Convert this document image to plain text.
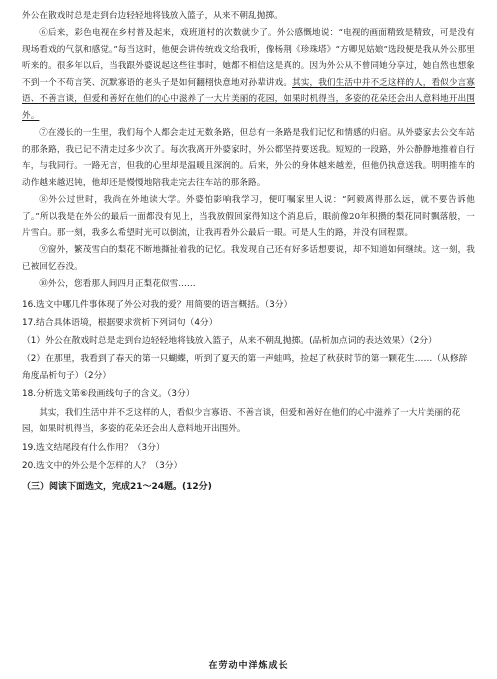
外公在散戏时总是走到台边轻轻地将钱放入篮子，从来不朝乱抛掷。

⑥后来，彩色电视在乡村普及起来，戏班道村的次数就少了。外公感慨地说：“电视的画面精致是精致，可是没有现场看戏的气氛和感觉。”每当这时，他便会讲传统戏文给我听，像杨荆《珍珠塔》“方卿见姑娘”选段便是我从外公那里听来的。很多年以后，当我跟外婆说起这些往事时，她都不相信这是真的。因为外公从不曾同她分享过，她自然也想象不到一个不苟言笑、沉默寡语的老头子是如何翻栩快意地对孙辈讲戏。其实，我们生活中并不乏这样的人，看似少言寡语、不善言谈，但爱和善好在他们的心中滋养了一大片美丽的花园，如果时机得当，多姿的花朵还会出人意料地开出围外。

⑦在漫长的一生里，我们每个人都会走过无数条路，但总有一条路是我们记忆和情感的归宿。从外婆家去公交车站的那条路，我已记不清走过多少次了。每次我离开外婆家时，外公都坚持要送我。短短的一段路，外公静静地推着自行车，与我同行。一路无言，但我的心里却是温暖且深润的。后来，外公的身体越来越差，但他仍执意送我。明明推车的动作越来越迟钝，他却还是慢慢地陪我走完去往车站的那条路。

⑧外公过世时，我尚在外地读大学。外婆怕影响我学习，便叮嘱家里人说：“阿毅离得那么远，就不要告诉他了。”所以我是在外公的最后一面都没有见上，当我放假回家得知这个消息后，眼前像20年积攒的梨花同时飘落般，一片雪白。那一刻，我多么希望时光可以倒流，让我再看外公最后一眼。可是人生的路，并没有回程票。

⑨窗外，繁茂雪白的梨花不断地撕扯着我的记忆。我发现自己还有好多话想要说，却不知道如何继续。这一刻，我已被回忆吞没。

⑩外公，您看那人间四月正梨花似雪……

16.选文中哪几件事体现了外公对我的爱？用简要的语言概括。（3分）
17.结合具体语境，根据要求赏析下列词句（4分）
（1）外公在散戏时总是走到台边轻轻地将钱放入篮子，从来不朝乱抛掷。(品析加点词的表达效果）（2分）
（2）在那里，我看到了春天的第一只蝴蝶，听到了夏天的第一声蛙鸣，捡起了秋获时节的第一颗花生……（从修辞角度品析句子）（2分）
18.分析选文第⑥段画线句子的含义。（3分）
其实，我们生活中并不乏这样的人，看似少言寡语、不善言谈，但爱和善好在他们的心中滋养了一大片美丽的花园，如果时机得当，多姿的花朵还会出人意料地开出围外。
19.选文结尾段有什么作用？（3分）
20.选文中的外公是个怎样的人？（3分）
（三）阅读下面选文，完成21～24题。(12分)
在劳动中洋炼成长
